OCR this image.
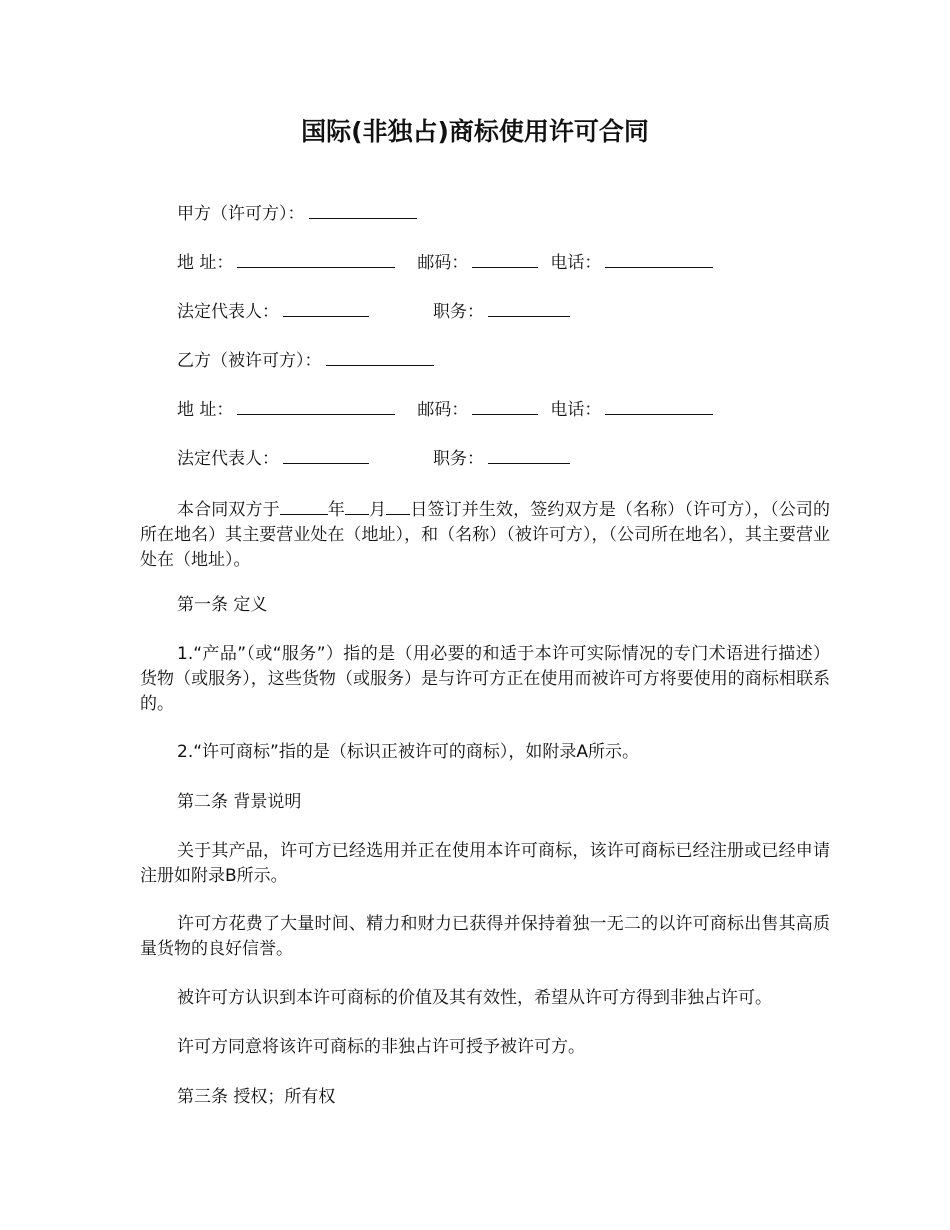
国际(非独占)商标使用许可合同
甲方（许可方）：
地 址：	邮码：	电话：
法定代表人：	职务：
乙方（被许可方）：
地 址：	邮码：	电话：
法定代表人：	职务：
本合同双方于	年 月 日签订并生效，签约双方是（名称）（许可方），（公司的所在地名）其主要营业处在（地址），和（名称）（被许可方），（公司所在地名），其主要营业处在（地址）。
第一条 定义
1.“产品”（或“服务”）指的是（用必要的和适于本许可实际情况的专门术语进行描述）货物（或服务），这些货物（或服务）是与许可方正在使用而被许可方将要使用的商标相联系的。
2.“许可商标”指的是（标识正被许可的商标），如附录A所示。
第二条 背景说明
关于其产品，许可方已经选用并正在使用本许可商标，该许可商标已经注册或已经申请注册如附录B所示。
许可方花费了大量时间、精力和财力已获得并保持着独一无二的以许可商标出售其高质量货物的良好信誉。
被许可方认识到本许可商标的价值及其有效性，希望从许可方得到非独占许可。
许可方同意将该许可商标的非独占许可授予被许可方。
第三条 授权；所有权
